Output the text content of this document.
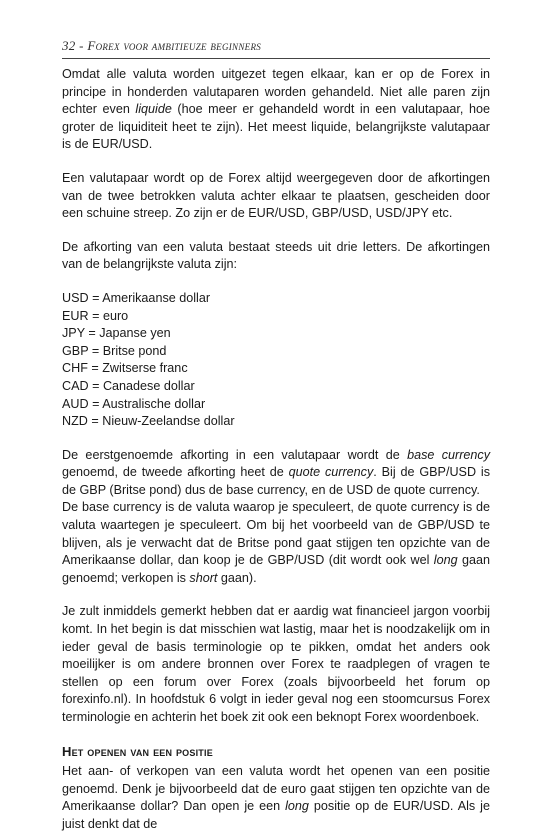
32 - Forex voor ambitieuze beginners

Omdat alle valuta worden uitgezet tegen elkaar, kan er op de Forex in principe in honderden valutaparen worden gehandeld. Niet alle paren zijn echter even liquide (hoe meer er gehandeld wordt in een valutapaar, hoe groter de liquiditeit heet te zijn). Het meest liquide, belangrijkste valutapaar is de EUR/USD.

Een valutapaar wordt op de Forex altijd weergegeven door de afkortingen van de twee betrokken valuta achter elkaar te plaatsen, gescheiden door een schuine streep. Zo zijn er de EUR/USD, GBP/USD, USD/JPY etc.

De afkorting van een valuta bestaat steeds uit drie letters. De afkortingen van de belangrijkste valuta zijn:

USD = Amerikaanse dollar
EUR = euro
JPY = Japanse yen
GBP = Britse pond
CHF = Zwitserse franc
CAD = Canadese dollar
AUD = Australische dollar
NZD = Nieuw-Zeelandse dollar

De eerstgenoemde afkorting in een valutapaar wordt de base currency genoemd, de tweede afkorting heet de quote currency. Bij de GBP/USD is de GBP (Britse pond) dus de base currency, en de USD de quote currency.

De base currency is de valuta waarop je speculeert, de quote currency is de valuta waartegen je speculeert. Om bij het voorbeeld van de GBP/USD te blijven, als je verwacht dat de Britse pond gaat stijgen ten opzichte van de Amerikaanse dollar, dan koop je de GBP/USD (dit wordt ook wel long gaan genoemd; verkopen is short gaan).

Je zult inmiddels gemerkt hebben dat er aardig wat financieel jargon voorbij komt. In het begin is dat misschien wat lastig, maar het is noodzakelijk om in ieder geval de basis terminologie op te pikken, omdat het anders ook moeilijker is om andere bronnen over Forex te raadplegen of vragen te stellen op een forum over Forex (zoals bijvoorbeeld het forum op forexinfo.nl). In hoofdstuk 6 volgt in ieder geval nog een stoomcursus Forex terminologie en achterin het boek zit ook een beknopt Forex woordenboek.

Het openen van een positie

Het aan- of verkopen van een valuta wordt het openen van een positie genoemd. Denk je bijvoorbeeld dat de euro gaat stijgen ten opzichte van de Amerikaanse dollar? Dan open je een long positie op de EUR/USD. Als je juist denkt dat de
